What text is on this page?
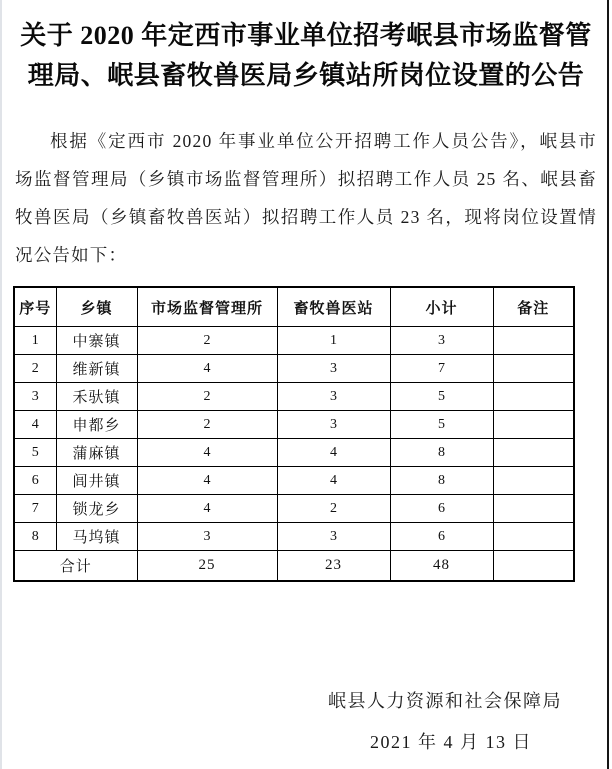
关于 2020 年定西市事业单位招考岷县市场监督管
理局、岷县畜牧兽医局乡镇站所岗位设置的公告
根据《定西市 2020 年事业单位公开招聘工作人员公告》，岷县市场监督管理局（乡镇市场监督管理所）拟招聘工作人员 25 名、岷县畜牧兽医局（乡镇畜牧兽医站）拟招聘工作人员 23 名，现将岗位设置情况公告如下：
序号	乡镇	市场监督管理所	畜牧兽医站	小计	备注
1	中寨镇	2	1	3	
2	维新镇	4	3	7	
3	禾驮镇	2	3	5	
4	申都乡	2	3	5	
5	蒲麻镇	4	4	8	
6	闾井镇	4	4	8	
7	锁龙乡	4	2	6	
8	马坞镇	3	3	6	
合计		25	23	48	
岷县人力资源和社会保障局
2021 年 4 月 13 日
